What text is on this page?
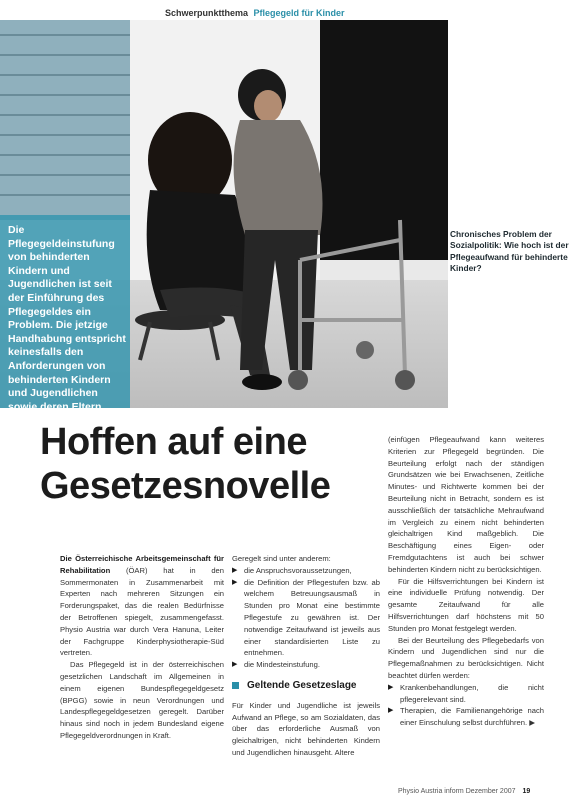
Schwerpunktthema Pflegegeld für Kinder
Die Pflegegeldeinstufung von behinderten Kindern und Jugendlichen ist seit der Einführung des Pflegegeldes ein Problem. Die jetzige Handhabung entspricht keinesfalls den Anforderungen von behinderten Kindern und Jugendlichen sowie deren Eltern.
Chronisches Problem der Sozialpolitik: Wie hoch ist der Pflegeaufwand für behinderte Kinder?
Hoffen auf eine
Gesetzesnovelle

Die Österreichische Arbeitsgemeinschaft für Rehabilitation (ÖAR) hat in den Sommermonaten in Zusammenarbeit mit Experten nach mehreren Sitzungen ein Forderungspaket, das die realen Bedürfnisse der Betroffenen spiegelt, zusammengefasst. Physio Austria war durch Vera Hanuna, Leiter der Fachgruppe Kinderphysiotherapie-Süd vertreten.

Das Pflegegeld ist in der österreichischen gesetzlichen Landschaft im Allgemeinen in einem eigenen Bundespflegegeldgesetz (BPGG) sowie in neun Verordnungen und Landespflegegeldgesetzen geregelt. Darüber hinaus sind noch in jedem Bundesland eigene Pflegegeldverordnungen in Kraft.

Geregelt sind unter anderem:

▶ die Anspruchsvoraussetzungen,

▶ die Definition der Pflegestufen bzw. ab welchem Betreuungsausmaß in Stunden pro Monat eine bestimmte Pflegestufe zu gewähren ist. Der notwendige Zeitaufwand ist jeweils aus einer standardisierten Liste zu entnehmen.

▶ die Mindesteinstufung.

Geltende Gesetzeslage

Für Kinder und Jugendliche ist jeweils Aufwand an Pflege, so am Sozialdaten, das über das erforderliche Ausmaß von gleichaltrigen, nicht behinderten Kindern und Jugendlichen hinausgeht. Altere

(einfügen Pflegeaufwand kann weiteres Kriterien zur Pflegegeld begründen. Die Beurteilung erfolgt nach der ständigen Grundsätzen wie bei Erwachsenen, Zeitliche Minutes- und Richtwerte kommen bei der Beurteilung nicht in Betracht, sondern es ist ausschließlich der tatsächliche Mehraufwand im Vergleich zu einem nicht behinderten gleichaltrigen Kind maßgeblich. Die Beschäftigung eines Eigen- oder Fremdgutachtens ist auch bei schwer behinderten Kindern nicht zu berücksichtigen.

Für die Hilfsverrichtungen bei Kindern ist eine individuelle Prüfung notwendig. Der gesamte Zeitaufwand für alle Hilfsverrichtungen darf höchstens mit 50 Stunden pro Monat festgelegt werden.

Bei der Beurteilung des Pflegebedarfs von Kindern und Jugendlichen sind nur die Pflegemaßnahmen zu berücksichtigen. Nicht beachtet dürfen werden:

▶ Krankenbehandlungen, die nicht pflegerelevant sind.

▶ Therapien, die Familienangehörige nach einer Einschulung selbst durchführen. ▶

Physio Austria inform Dezember 2007 19
